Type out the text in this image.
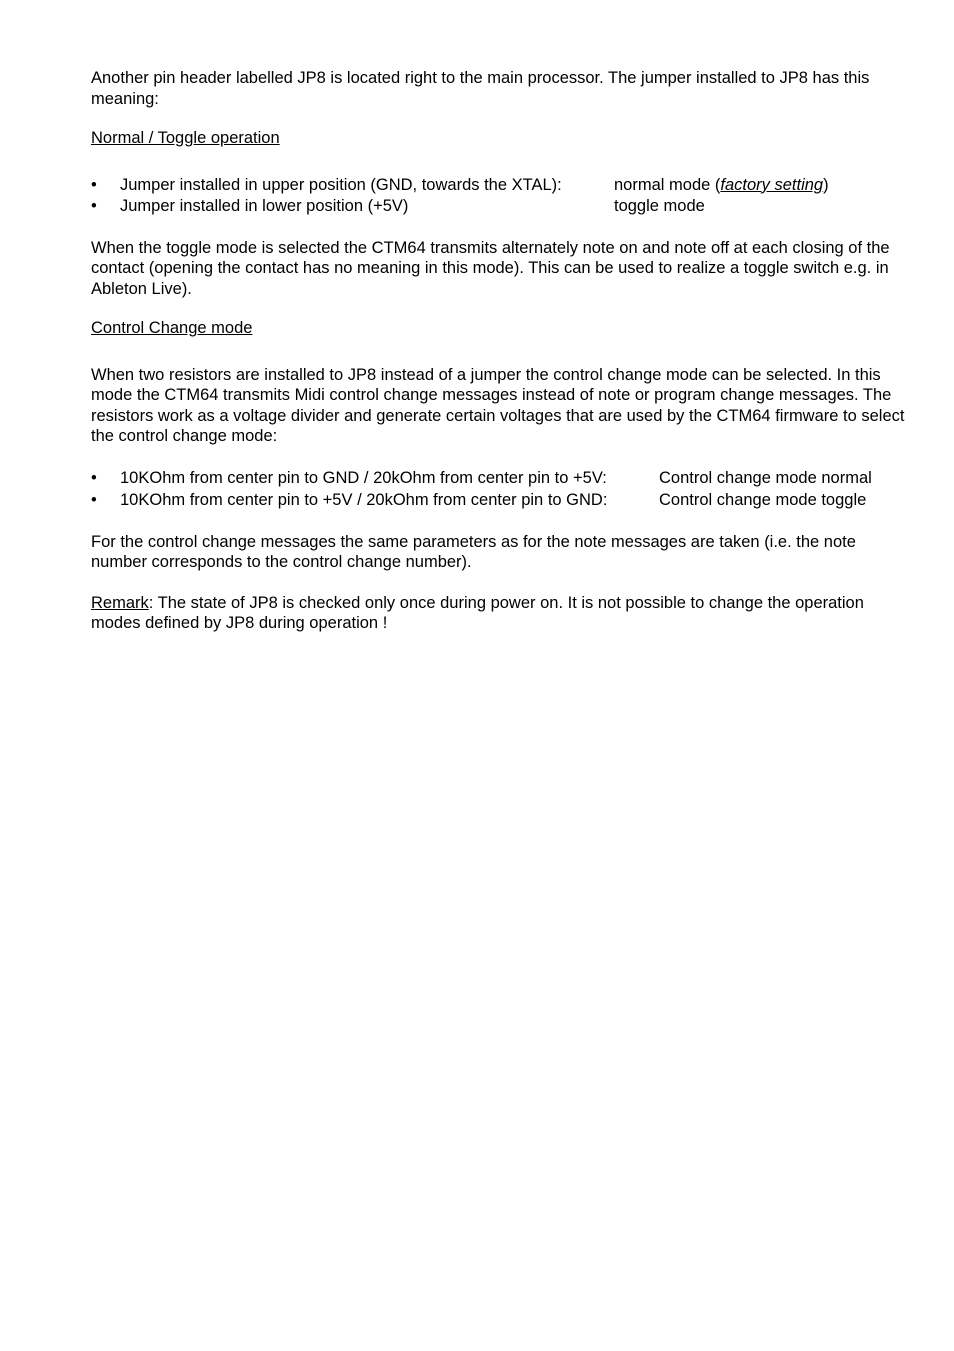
Another pin header labelled JP8 is located right to the main processor. The jumper installed to JP8 has this meaning:

Normal / Toggle operation

• Jumper installed in upper position (GND, towards the XTAL):	normal mode (factory setting)
• Jumper installed in lower position (+5V)	toggle mode

When the toggle mode is selected the CTM64 transmits alternately note on and note off at each closing of the contact (opening the contact has no meaning in this mode). This can be used to realize a toggle switch e.g. in Ableton Live).

Control Change mode

When two resistors are installed to JP8 instead of a jumper the control change mode can be selected. In this mode the CTM64 transmits Midi control change messages instead of note or program change messages. The resistors work as a voltage divider and generate certain voltages that are used by the CTM64 firmware to select the control change mode:

• 10KOhm from center pin to GND / 20kOhm from center pin to +5V:	Control change mode normal
• 10KOhm from center pin to +5V / 20kOhm from center pin to GND:	Control change mode toggle

For the control change messages the same parameters as for the note messages are taken (i.e. the note number corresponds to the control change number).

Remark: The state of JP8 is checked only once during power on. It is not possible to change the operation modes defined by JP8 during operation !
